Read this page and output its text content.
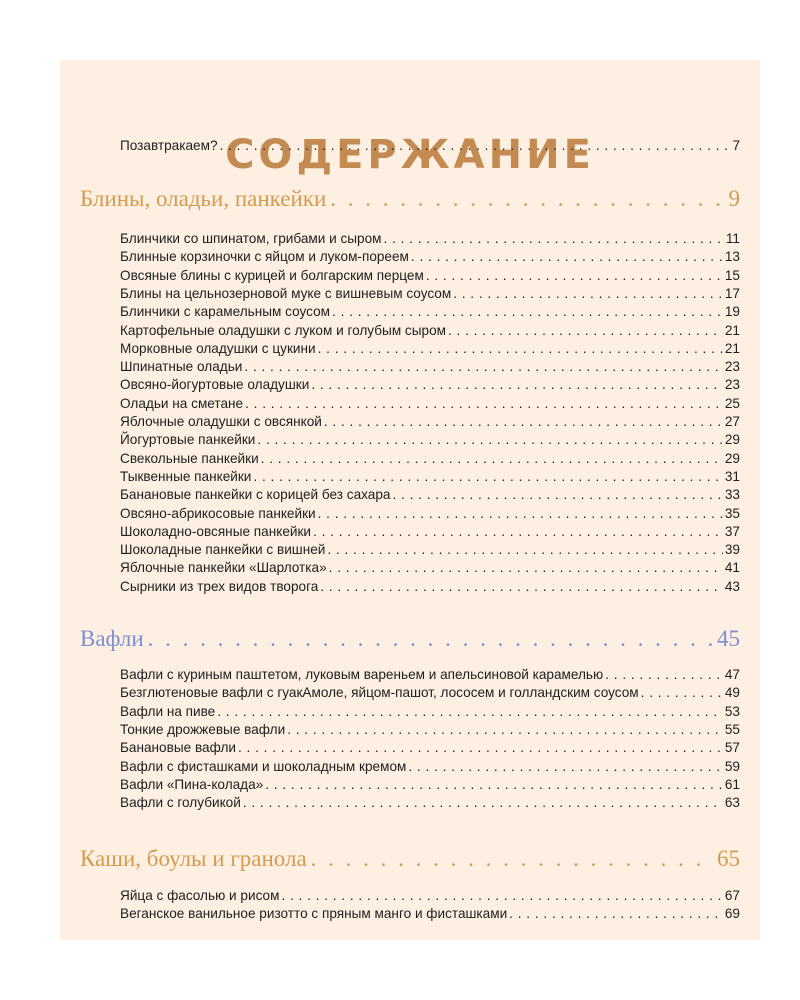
СОДЕРЖАНИЕ
Позавтракаем? . . .	7
Блины, оладьи, панкейки . . .	9
Блинчики со шпинатом, грибами и сыром . . .	11
Блинные корзиночки с яйцом и луком-пореем . . .	13
Овсяные блины с курицей и болгарским перцем . . .	15
Блины на цельнозерновой муке с вишневым соусом . . .	17
Блинчики с карамельным соусом . . .	19
Картофельные оладушки с луком и голубым сыром . . .	21
Морковные оладушки с цукини . . .	21
Шпинатные оладьи . . .	23
Овсяно-йогуртовые оладушки . . .	23
Оладьи на сметане . . .	25
Яблочные оладушки с овсянкой . . .	27
Йогуртовые панкейки . . .	29
Свекольные панкейки . . .	29
Тыквенные панкейки . . .	31
Банановые панкейки с корицей без сахара . . .	33
Овсяно-абрикосовые панкейки . . .	35
Шоколадно-овсяные панкейки . . .	37
Шоколадные панкейки с вишней . . .	39
Яблочные панкейки «Шарлотка» . . .	41
Сырники из трех видов творога . . .	43
Вафли . . .	45
Вафли с куриным паштетом, луковым вареньем и апельсиновой карамелью . . .	47
Безглютеновые вафли с гуакАмоле, яйцом-пашот, лососем и голландским соусом . . .	49
Вафли на пиве . . .	53
Тонкие дрожжевые вафли . . .	55
Банановые вафли . . .	57
Вафли с фисташками и шоколадным кремом . . .	59
Вафли «Пина-колада» . . .	61
Вафли с голубикой . . .	63
Каши, боулы и гранола . . .	65
Яйца с фасолью и рисом . . .	67
Веганское ванильное ризотто с пряным манго и фисташками . . .	69
